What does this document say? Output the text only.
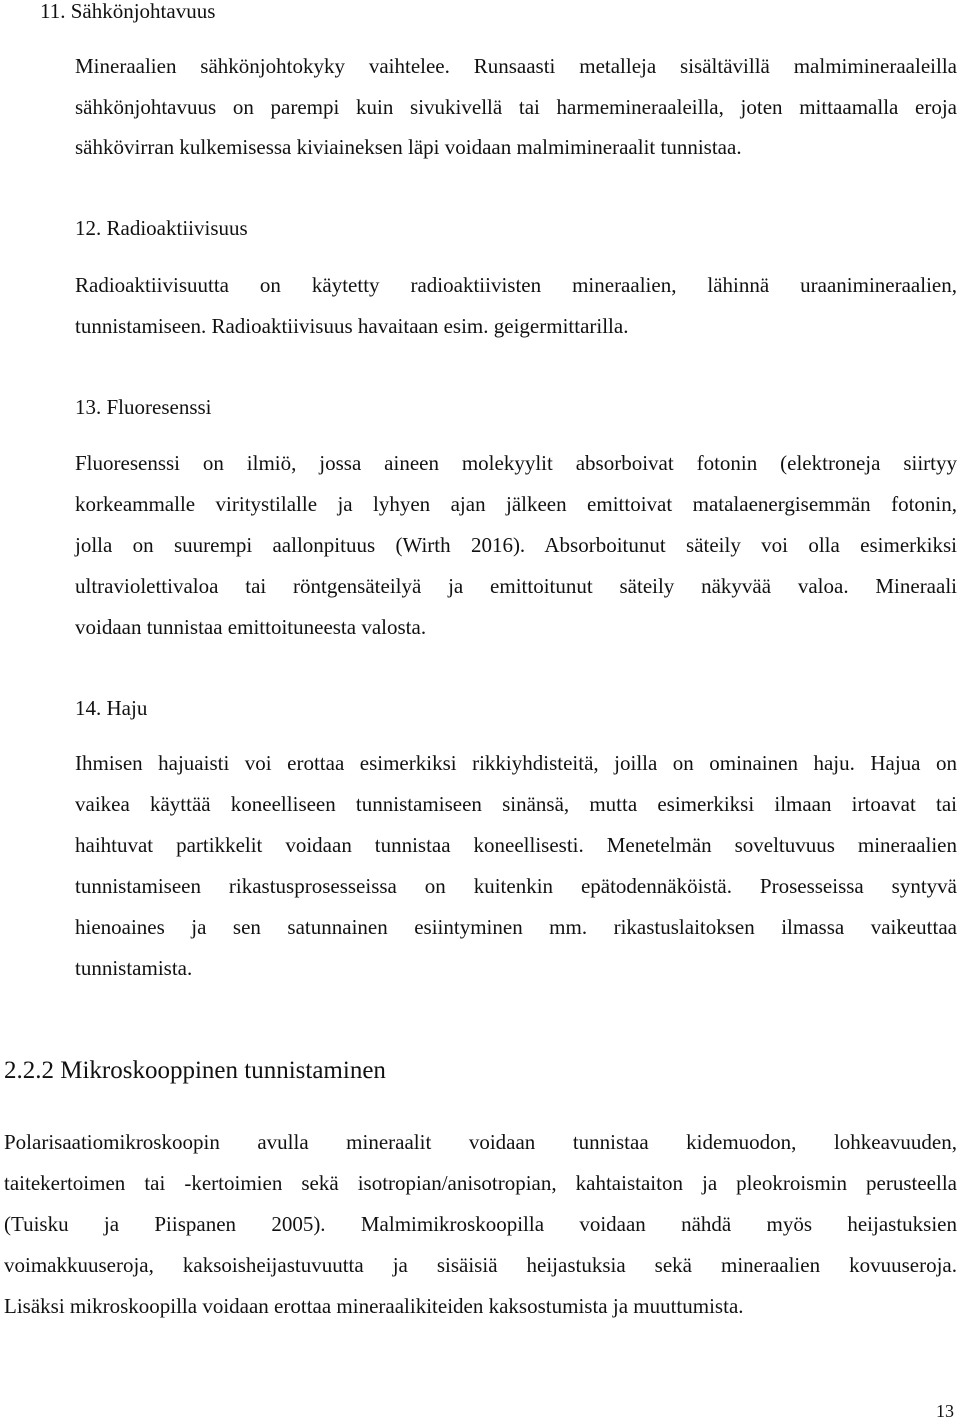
11. Sähkönjohtavuus
Mineraalien sähkönjohtokyky vaihtelee. Runsaasti metalleja sisältävillä malmimineraaleilla
sähkönjohtavuus on parempi kuin sivukivellä tai harmemineraaleilla, joten mittaamalla eroja
sähkövirran kulkemisessa kiviaineksen läpi voidaan malmimineraalit tunnistaa.
12. Radioaktiivisuus
Radioaktiivisuutta on käytetty radioaktiivisten mineraalien, lähinnä uraanimineraalien,
tunnistamiseen. Radioaktiivisuus havaitaan esim. geigermittarilla.
13. Fluoresenssi
Fluoresenssi on ilmiö, jossa aineen molekyylit absorboivat fotonin (elektroneja siirtyy
korkeammalle viritystilalle ja lyhyen ajan jälkeen emittoivat matalaenergisemmän fotonin,
jolla on suurempi aallonpituus (Wirth 2016). Absorboitunut säteily voi olla esimerkiksi
ultraviolettivaloa tai röntgensäteilyä ja emittoitunut säteily näkyvää valoa. Mineraali
voidaan tunnistaa emittoituneesta valosta.
14. Haju
Ihmisen hajuaisti voi erottaa esimerkiksi rikkiyhdisteitä, joilla on ominainen haju. Hajua on
vaikea käyttää koneelliseen tunnistamiseen sinänsä, mutta esimerkiksi ilmaan irtoavat tai
haihtuvat partikkelit voidaan tunnistaa koneellisesti. Menetelmän soveltuvuus mineraalien
tunnistamiseen rikastusprosesseissa on kuitenkin epätodennäköistä. Prosesseissa syntyvä
hienoaines ja sen satunnainen esiintyminen mm. rikastuslaitoksen ilmassa vaikeuttaa
tunnistamista.
2.2.2 Mikroskooppinen tunnistaminen
Polarisaatiomikroskoopin avulla mineraalit voidaan tunnistaa kidemuodon, lohkeavuuden,
taitekertoimen tai -kertoimien sekä isotropian/anisotropian, kahtaistaiton ja pleokroismin perusteella
(Tuisku ja Piispanen 2005). Malmimikroskoopilla voidaan nähdä myös heijastuksien
voimakkuuseroja, kaksoisheijastuvuutta ja sisäisiä heijastuksia sekä mineraalien kovuuseroja.
Lisäksi mikroskoopilla voidaan erottaa mineraalikiteiden kaksostumista ja muuttumista.
13
